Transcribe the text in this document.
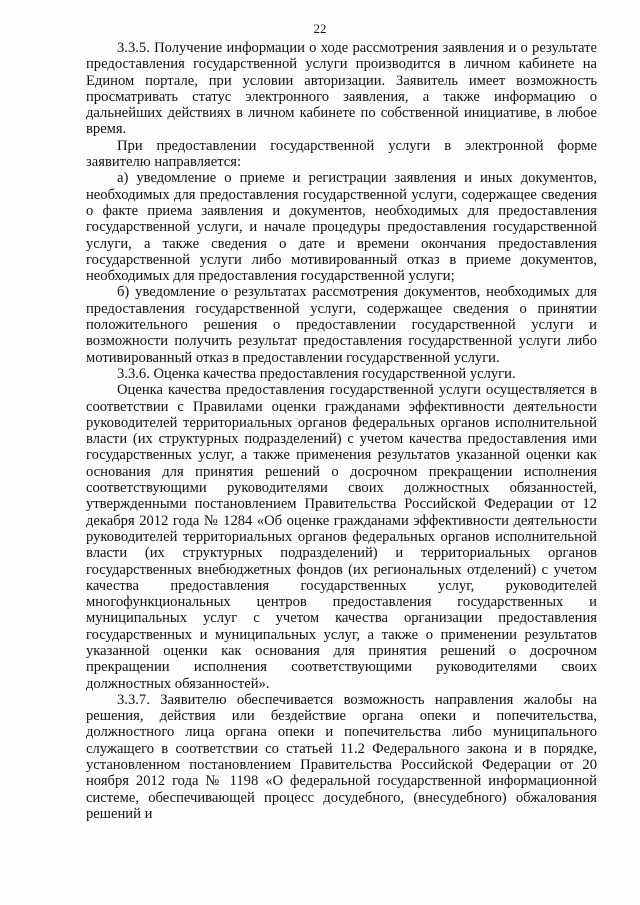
22

3.3.5. Получение информации о ходе рассмотрения заявления и о результате предоставления государственной услуги производится в личном кабинете на Едином портале, при условии авторизации. Заявитель имеет возможность просматривать статус электронного заявления, а также информацию о дальнейших действиях в личном кабинете по собственной инициативе, в любое время.

При предоставлении государственной услуги в электронной форме заявителю направляется:

а) уведомление о приеме и регистрации заявления и иных документов, необходимых для предоставления государственной услуги, содержащее сведения о факте приема заявления и документов, необходимых для предоставления государственной услуги, и начале процедуры предоставления государственной услуги, а также сведения о дате и времени окончания предоставления государственной услуги либо мотивированный отказ в приеме документов, необходимых для предоставления государственной услуги;

б) уведомление о результатах рассмотрения документов, необходимых для предоставления государственной услуги, содержащее сведения о принятии положительного решения о предоставлении государственной услуги и возможности получить результат предоставления государственной услуги либо мотивированный отказ в предоставлении государственной услуги.

3.3.6. Оценка качества предоставления государственной услуги.

Оценка качества предоставления государственной услуги осуществляется в соответствии с Правилами оценки гражданами эффективности деятельности руководителей территориальных органов федеральных органов исполнительной власти (их структурных подразделений) с учетом качества предоставления ими государственных услуг, а также применения результатов указанной оценки как основания для принятия решений о досрочном прекращении исполнения соответствующими руководителями своих должностных обязанностей, утвержденными постановлением Правительства Российской Федерации от 12 декабря 2012 года № 1284 «Об оценке гражданами эффективности деятельности руководителей территориальных органов федеральных органов исполнительной власти (их структурных подразделений) и территориальных органов государственных внебюджетных фондов (их региональных отделений) с учетом качества предоставления государственных услуг, руководителей многофункциональных центров предоставления государственных и муниципальных услуг с учетом качества организации предоставления государственных и муниципальных услуг, а также о применении результатов указанной оценки как основания для принятия решений о досрочном прекращении исполнения соответствующими руководителями своих должностных обязанностей».

3.3.7. Заявителю обеспечивается возможность направления жалобы на решения, действия или бездействие органа опеки и попечительства, должностного лица органа опеки и попечительства либо муниципального служащего в соответствии со статьей 11.2 Федерального закона и в порядке, установленном постановлением Правительства Российской Федерации от 20 ноября 2012 года № 1198 «О федеральной государственной информационной системе, обеспечивающей процесс досудебного, (внесудебного) обжалования решений и
